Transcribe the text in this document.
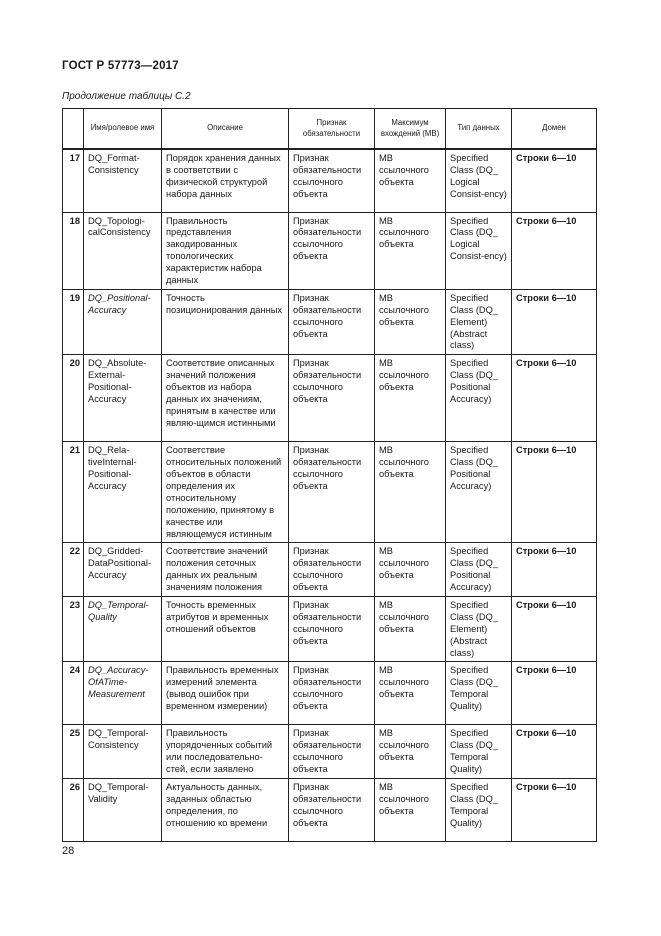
ГОСТ Р 57773—2017
Продолжение таблицы С.2
	Имя/ролевое имя	Описание	Признак обязательности	Максимум вхождений (MB)	Тип данных	Домен
17	DQ_Format-Consistency	Порядок хранения данных в соответствии с физической структурой набора данных	Признак обязательности ссылочного объекта	MB ссылочного объекта	Specified Class (DQ_ Logical Consist-ency)	Строки 6—10
18	DQ_Topologi-calConsistency	Правильность представления закодированных топологических характеристик набора данных	Признак обязательности ссылочного объекта	MB ссылочного объекта	Specified Class (DQ_ Logical Consist-ency)	Строки 6—10
19	DQ_Positional-Accuracy	Точность позиционирования данных	Признак обязательности ссылочного объекта	MB ссылочного объекта	Specified Class (DQ_ Element) (Abstract class)	Строки 6—10
20	DQ_Absolute-External-Positional-Accuracy	Соответствие описанных значений положения объектов из набора данных их значениям, принятым в качестве или являю-щимся истинными	Признак обязательности ссылочного объекта	MB ссылочного объекта	Specified Class (DQ_ Positional Accuracy)	Строки 6—10
21	DQ_Rela-tiveInternal-Positional-Accuracy	Соответствие относительных положений объектов в области определения их относительному положению, принятому в качестве или являющемуся истинным	Признак обязательности ссылочного объекта	MB ссылочного объекта	Specified Class (DQ_ Positional Accuracy)	Строки 6—10
22	DQ_Gridded-DataPositional-Accuracy	Соответствие значений положения сеточных данных их реальным значениям положения	Признак обязательности ссылочного объекта	MB ссылочного объекта	Specified Class (DQ_ Positional Accuracy)	Строки 6—10
23	DQ_Temporal-Quality	Точность временных атрибутов и временных отношений объектов	Признак обязательности ссылочного объекта	MB ссылочного объекта	Specified Class (DQ_ Element) (Abstract class)	Строки 6—10
24	DQ_Accuracy-OfATime-Measurement	Правильность временных измерений элемента (вывод ошибок при временном измерении)	Признак обязательности ссылочного объекта	MB ссылочного объекта	Specified Class (DQ_ Temporal Quality)	Строки 6—10
25	DQ_Temporal-Consistency	Правильность упорядоченных событий или последовательно-стей, если заявлено	Признак обязательности ссылочного объекта	MB ссылочного объекта	Specified Class (DQ_ Temporal Quality)	Строки 6—10
26	DQ_Temporal-Validity	Актуальность данных, заданных областью определения, по отношению ко времени	Признак обязательности ссылочного объекта	MB ссылочного объекта	Specified Class (DQ_ Temporal Quality)	Строки 6—10
28
